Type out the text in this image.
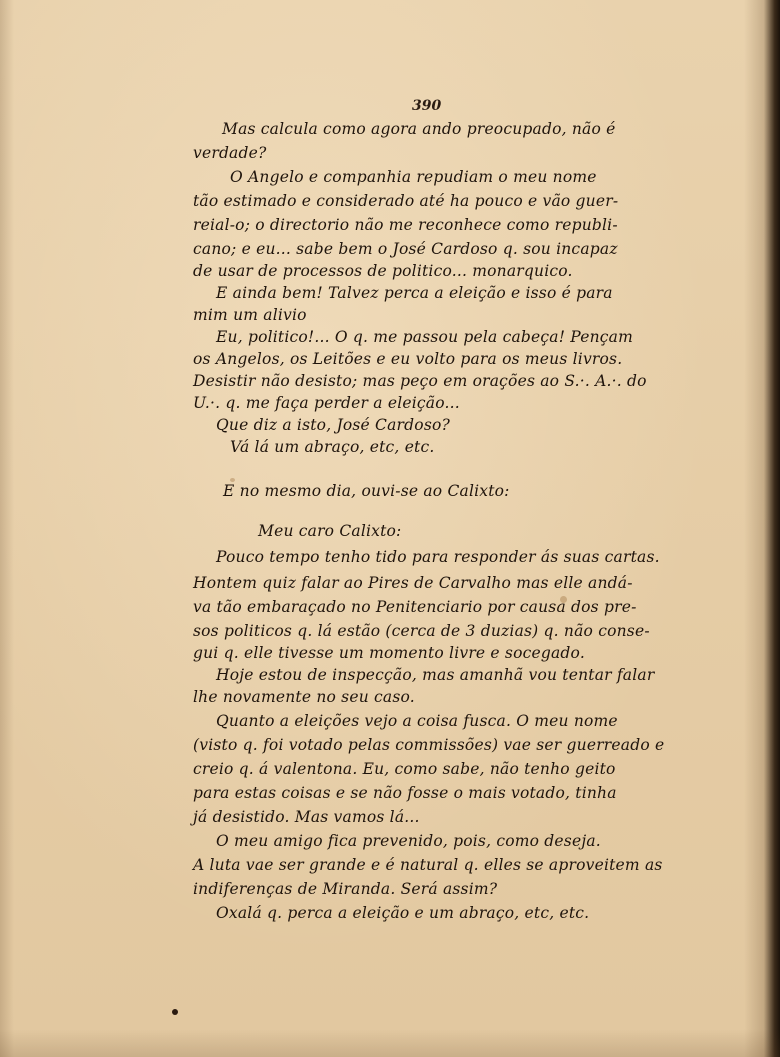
390
Mas calcula como agora ando preocupado, não é
verdade?
O Angelo e companhia repudiam o meu nome
tão estimado e considerado até ha pouco e vão guer-
reial-o; o directorio não me reconhece como republi-
cano; e eu... sabe bem o José Cardoso q. sou incapaz
de usar de processos de politico... monarquico.
E ainda bem! Talvez perca a eleição e isso é para
mim um alivio
Eu, politico!... O q. me passou pela cabeça! Pençam
os Angelos, os Leitões e eu volto para os meus livros.
Desistir não desisto; mas peço em orações ao S.·. A.·. do
U.·. q. me faça perder a eleição...
Que diz a isto, José Cardoso?
Vá lá um abraço, etc, etc.
E no mesmo dia, ouvi-se ao Calixto:
Meu caro Calixto:
Pouco tempo tenho tido para responder ás suas cartas.
Hontem quiz falar ao Pires de Carvalho mas elle andá-
va tão embaraçado no Penitenciario por causa dos pre-
sos politicos q. lá estão (cerca de 3 duzias) q. não conse-
gui q. elle tivesse um momento livre e socegado.
Hoje estou de inspecção, mas amanhã vou tentar falar
lhe novamente no seu caso.
Quanto a eleições vejo a coisa fusca. O meu nome
(visto q. foi votado pelas commissões) vae ser guerreado e
creio q. á valentona. Eu, como sabe, não tenho geito
para estas coisas e se não fosse o mais votado, tinha
já desistido. Mas vamos lá...
O meu amigo fica prevenido, pois, como deseja.
A luta vae ser grande e é natural q. elles se aproveitem as
indiferenças de Miranda. Será assim?
Oxalá q. perca a eleição e um abraço, etc, etc.
